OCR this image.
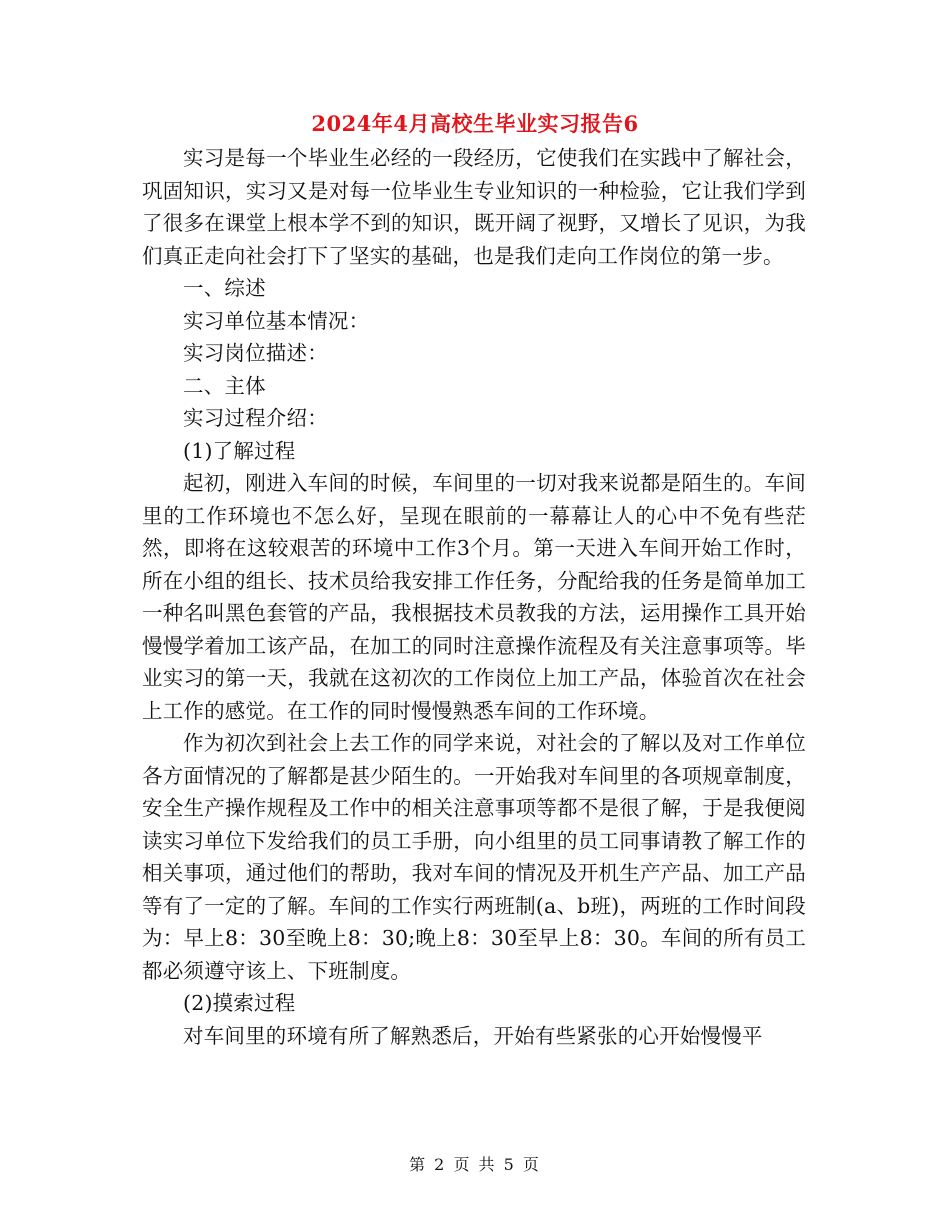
2024年4月高校生毕业实习报告6

实习是每一个毕业生必经的一段经历，它使我们在实践中了解社会，巩固知识，实习又是对每一位毕业生专业知识的一种检验，它让我们学到了很多在课堂上根本学不到的知识，既开阔了视野，又增长了见识，为我们真正走向社会打下了坚实的基础，也是我们走向工作岗位的第一步。

一、综述

实习单位基本情况：

实习岗位描述：

二、主体

实习过程介绍：

(1)了解过程

起初，刚进入车间的时候，车间里的一切对我来说都是陌生的。车间里的工作环境也不怎么好，呈现在眼前的一幕幕让人的心中不免有些茫然，即将在这较艰苦的环境中工作3个月。第一天进入车间开始工作时，所在小组的组长、技术员给我安排工作任务，分配给我的任务是简单加工一种名叫黑色套管的产品，我根据技术员教我的方法，运用操作工具开始慢慢学着加工该产品，在加工的同时注意操作流程及有关注意事项等。毕业实习的第一天，我就在这初次的工作岗位上加工产品，体验首次在社会上工作的感觉。在工作的同时慢慢熟悉车间的工作环境。

作为初次到社会上去工作的同学来说，对社会的了解以及对工作单位各方面情况的了解都是甚少陌生的。一开始我对车间里的各项规章制度，安全生产操作规程及工作中的相关注意事项等都不是很了解，于是我便阅读实习单位下发给我们的员工手册，向小组里的员工同事请教了解工作的相关事项，通过他们的帮助，我对车间的情况及开机生产产品、加工产品等有了一定的了解。车间的工作实行两班制(a、b班)，两班的工作时间段为：早上8：30至晚上8：30;晚上8：30至早上8：30。车间的所有员工都必须遵守该上、下班制度。

(2)摸索过程

对车间里的环境有所了解熟悉后，开始有些紧张的心开始慢慢平

第 2 页 共 5 页
